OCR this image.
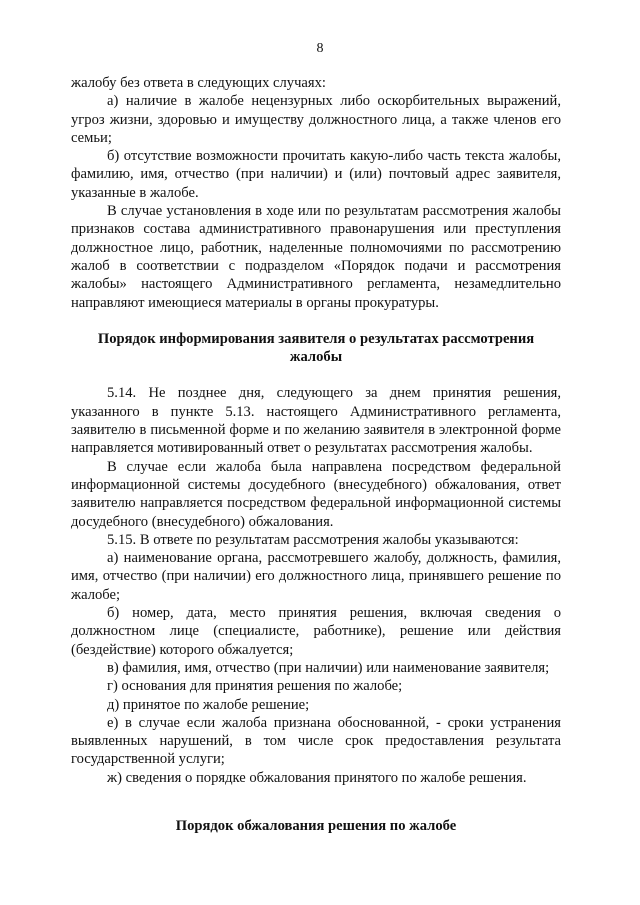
8

жалобу без ответа в следующих случаях:

а) наличие в жалобе нецензурных либо оскорбительных выражений, угроз жизни, здоровью и имуществу должностного лица, а также членов его семьи;

б) отсутствие возможности прочитать какую-либо часть текста жалобы, фамилию, имя, отчество (при наличии) и (или) почтовый адрес заявителя, указанные в жалобе.

В случае установления в ходе или по результатам рассмотрения жалобы признаков состава административного правонарушения или преступления должностное лицо, работник, наделенные полномочиями по рассмотрению жалоб в соответствии с подразделом «Порядок подачи и рассмотрения жалобы» настоящего Административного регламента, незамедлительно направляют имеющиеся материалы в органы прокуратуры.

Порядок информирования заявителя о результатах рассмотрения жалобы

5.14. Не позднее дня, следующего за днем принятия решения, указанного в пункте 5.13. настоящего Административного регламента, заявителю в письменной форме и по желанию заявителя в электронной форме направляется мотивированный ответ о результатах рассмотрения жалобы.

В случае если жалоба была направлена посредством федеральной информационной системы досудебного (внесудебного) обжалования, ответ заявителю направляется посредством федеральной информационной системы досудебного (внесудебного) обжалования.

5.15. В ответе по результатам рассмотрения жалобы указываются:

а) наименование органа, рассмотревшего жалобу, должность, фамилия, имя, отчество (при наличии) его должностного лица, принявшего решение по жалобе;

б) номер, дата, место принятия решения, включая сведения о должностном лице (специалисте, работнике), решение или действия (бездействие) которого обжалуется;

в) фамилия, имя, отчество (при наличии) или наименование заявителя;

г) основания для принятия решения по жалобе;

д) принятое по жалобе решение;

е) в случае если жалоба признана обоснованной, - сроки устранения выявленных нарушений, в том числе срок предоставления результата государственной услуги;

ж) сведения о порядке обжалования принятого по жалобе решения.

Порядок обжалования решения по жалобе
